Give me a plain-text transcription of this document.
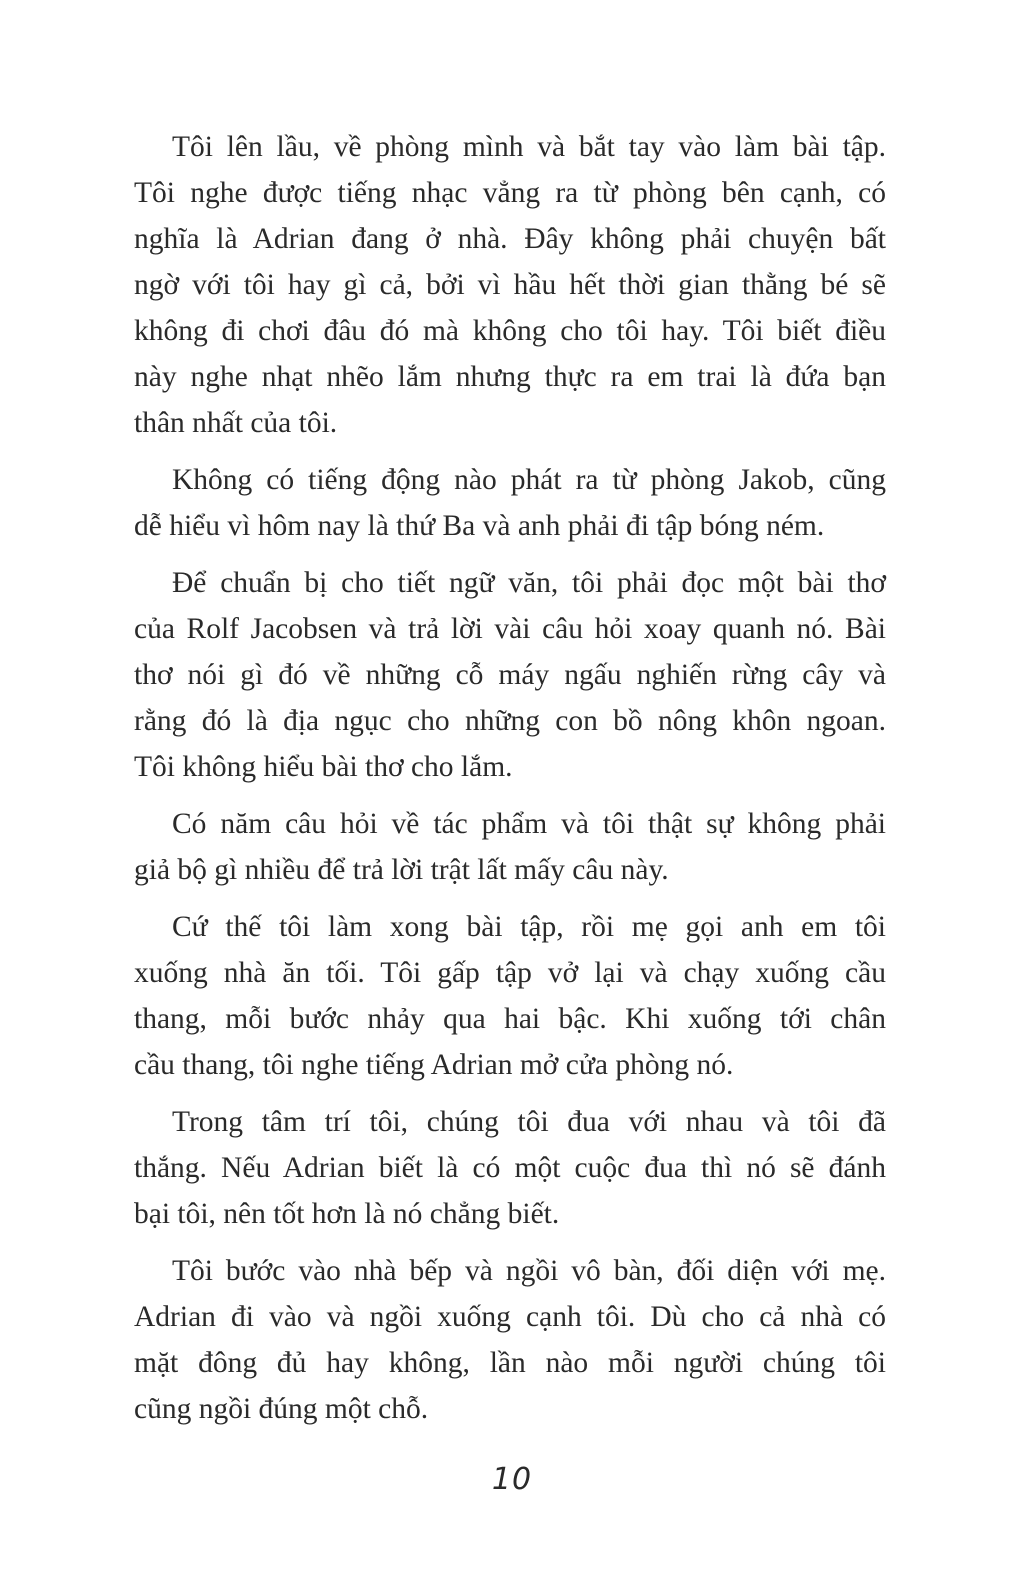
Tôi lên lầu, về phòng mình và bắt tay vào làm bài tập.
Tôi nghe được tiếng nhạc vẳng ra từ phòng bên cạnh, có
nghĩa là Adrian đang ở nhà. Đây không phải chuyện bất
ngờ với tôi hay gì cả, bởi vì hầu hết thời gian thằng bé sẽ
không đi chơi đâu đó mà không cho tôi hay. Tôi biết điều
này nghe nhạt nhẽo lắm nhưng thực ra em trai là đứa bạn
thân nhất của tôi.
Không có tiếng động nào phát ra từ phòng Jakob, cũng
dễ hiểu vì hôm nay là thứ Ba và anh phải đi tập bóng ném.
Để chuẩn bị cho tiết ngữ văn, tôi phải đọc một bài thơ
của Rolf Jacobsen và trả lời vài câu hỏi xoay quanh nó. Bài
thơ nói gì đó về những cỗ máy ngấu nghiến rừng cây và
rằng đó là địa ngục cho những con bồ nông khôn ngoan.
Tôi không hiểu bài thơ cho lắm.
Có năm câu hỏi về tác phẩm và tôi thật sự không phải
giả bộ gì nhiều để trả lời trật lất mấy câu này.
Cứ thế tôi làm xong bài tập, rồi mẹ gọi anh em tôi
xuống nhà ăn tối. Tôi gấp tập vở lại và chạy xuống cầu
thang, mỗi bước nhảy qua hai bậc. Khi xuống tới chân
cầu thang, tôi nghe tiếng Adrian mở cửa phòng nó.
Trong tâm trí tôi, chúng tôi đua với nhau và tôi đã
thắng. Nếu Adrian biết là có một cuộc đua thì nó sẽ đánh
bại tôi, nên tốt hơn là nó chẳng biết.
Tôi bước vào nhà bếp và ngồi vô bàn, đối diện với mẹ.
Adrian đi vào và ngồi xuống cạnh tôi. Dù cho cả nhà có
mặt đông đủ hay không, lần nào mỗi người chúng tôi
cũng ngồi đúng một chỗ.
10
